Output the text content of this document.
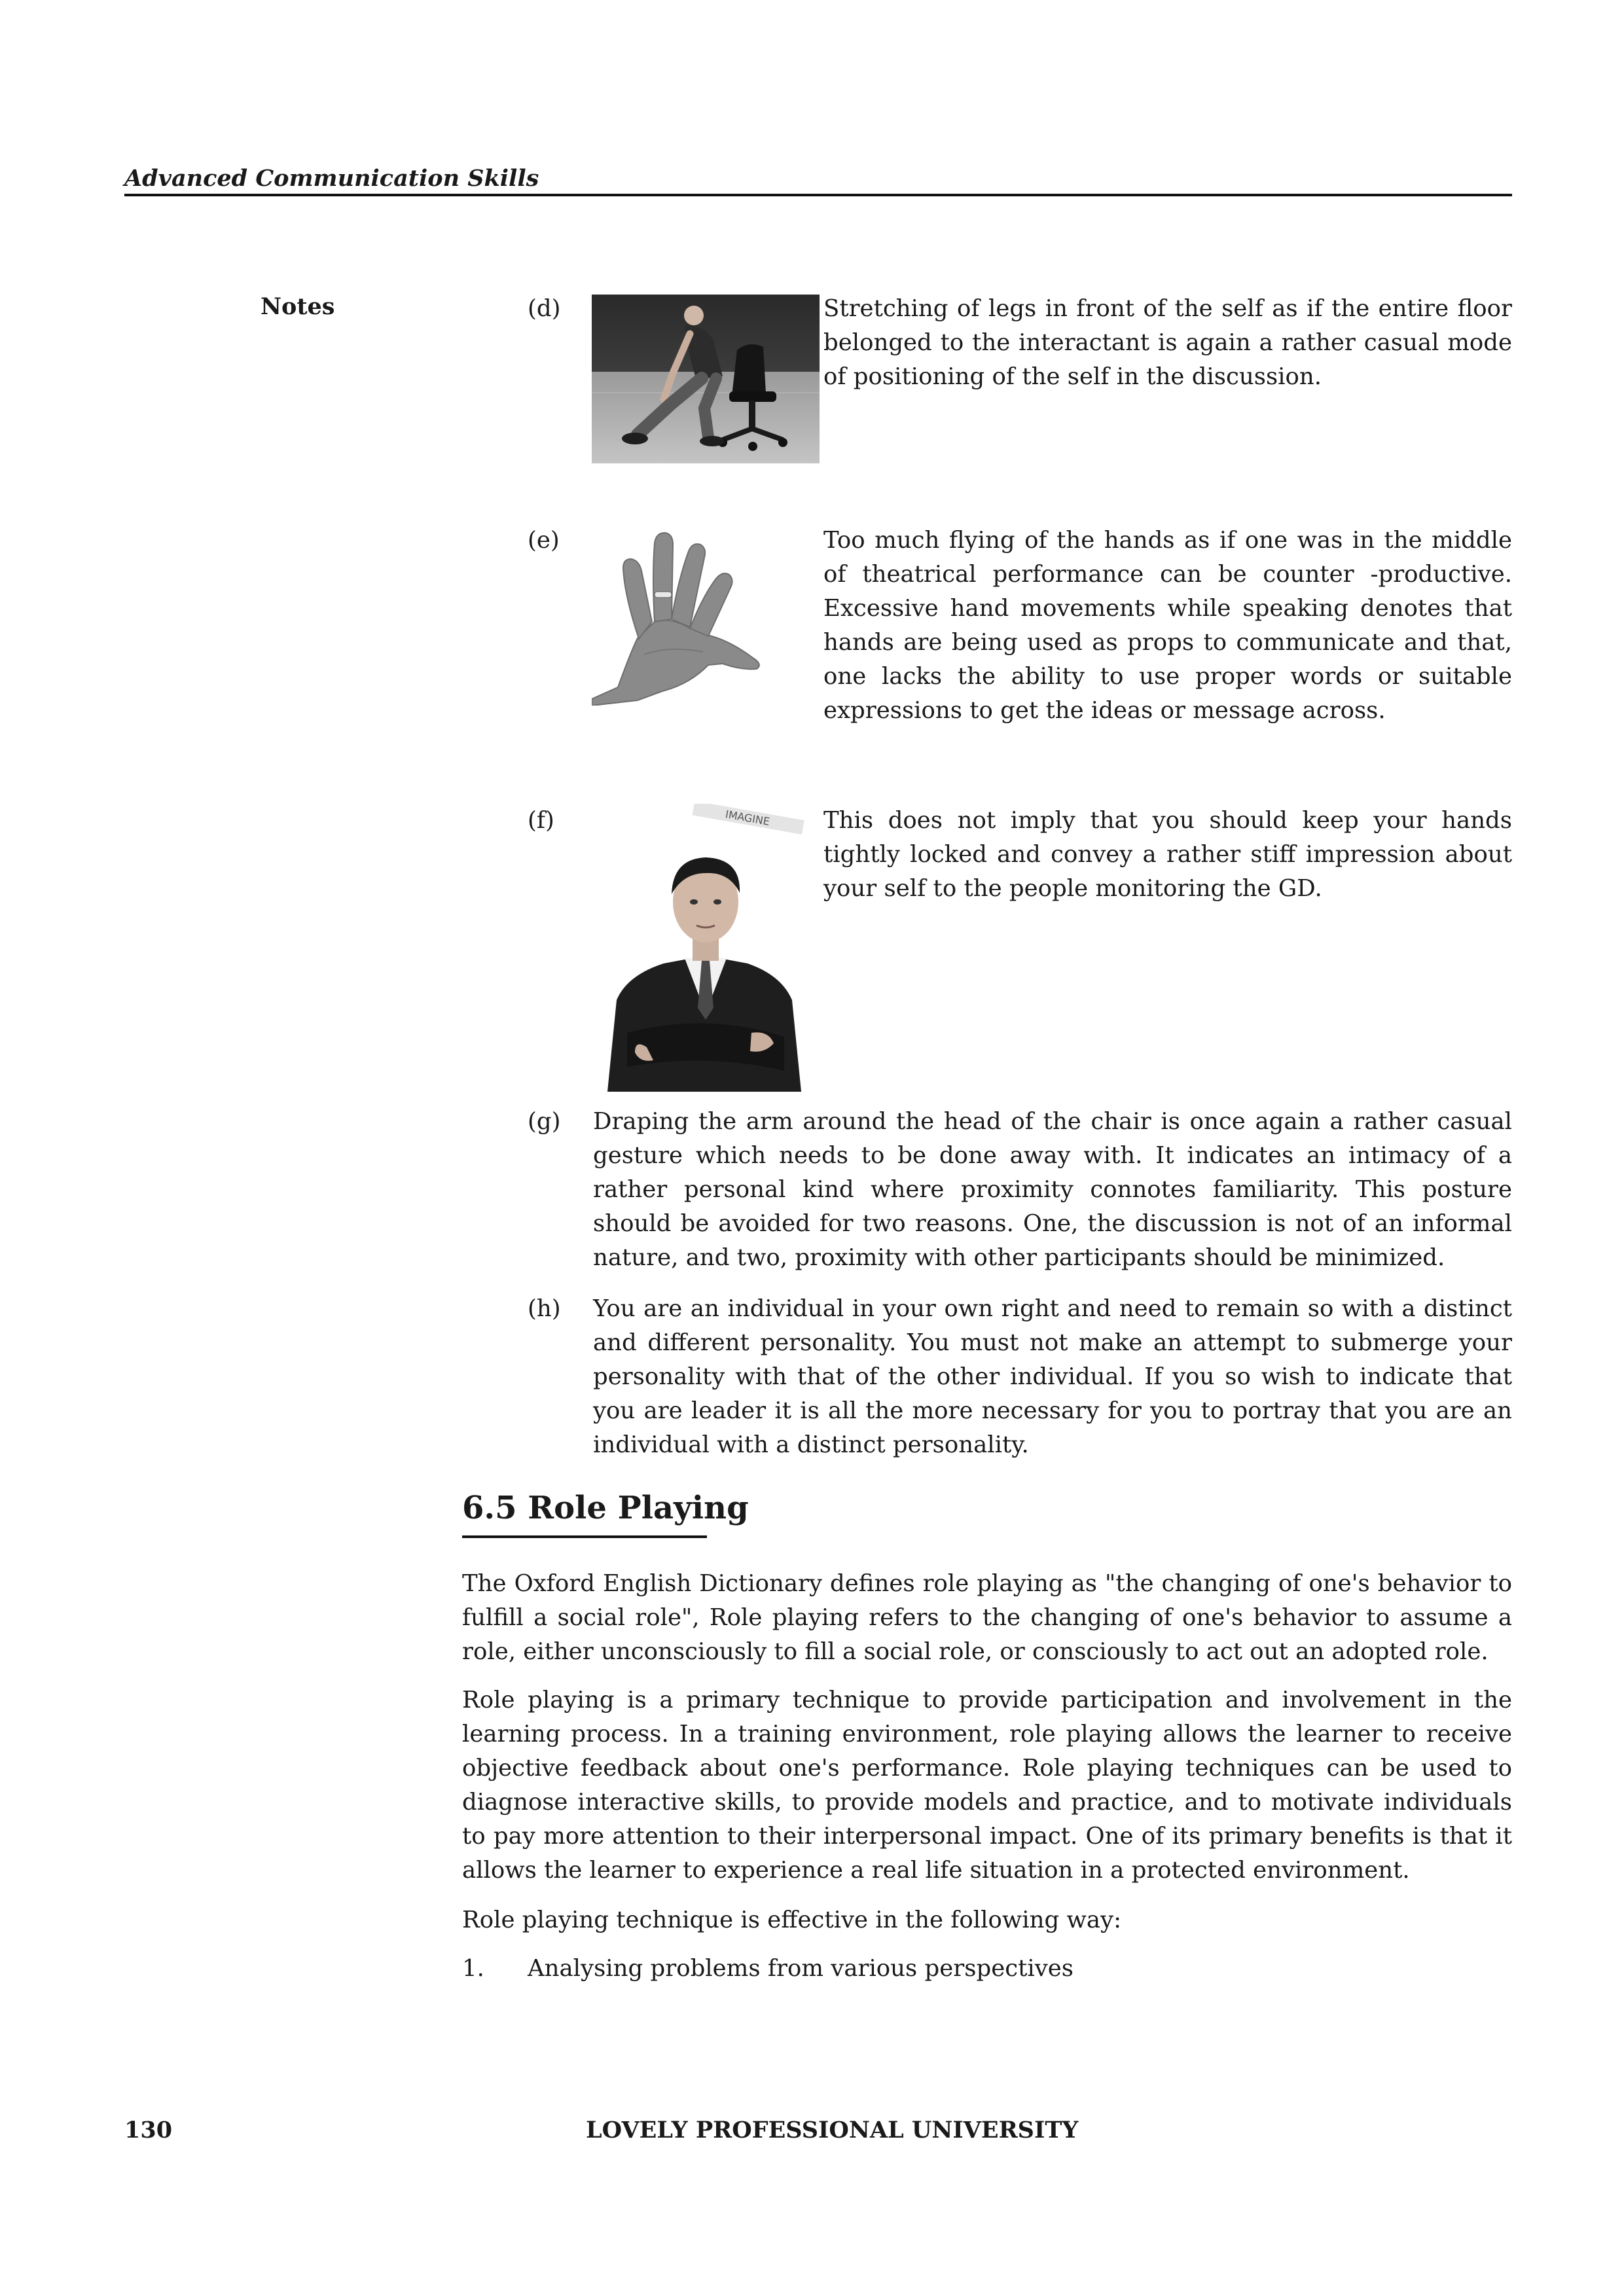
Advanced Communication Skills
Notes	(d)	Stretching of legs in front of the self as if the entire floor belonged to the interactant is again a rather casual mode of positioning of the self in the discussion.
(e)	Too much flying of the hands as if one was in the middle of theatrical performance can be counter -productive. Excessive hand movements while speaking denotes that hands are being used as props to communicate and that, one lacks the ability to use proper words or suitable expressions to get the ideas or message across.
(f)	IMAGINE This does not imply that you should keep your hands tightly locked and convey a rather stiff impression about your self to the people monitoring the GD.
(g) Draping the arm around the head of the chair is once again a rather casual gesture which needs to be done away with. It indicates an intimacy of a rather personal kind where proximity connotes familiarity. This posture should be avoided for two reasons. One, the discussion is not of an informal nature, and two, proximity with other participants should be minimized.
(h) You are an individual in your own right and need to remain so with a distinct and different personality. You must not make an attempt to submerge your personality with that of the other individual. If you so wish to indicate that you are leader it is all the more necessary for you to portray that you are an individual with a distinct personality.
6.5 Role Playing
The Oxford English Dictionary defines role playing as "the changing of one's behavior to fulfill a social role", Role playing refers to the changing of one's behavior to assume a role, either unconsciously to fill a social role, or consciously to act out an adopted role.
Role playing is a primary technique to provide participation and involvement in the learning process. In a training environment, role playing allows the learner to receive objective feedback about one's performance. Role playing techniques can be used to diagnose interactive skills, to provide models and practice, and to motivate individuals to pay more attention to their interpersonal impact. One of its primary benefits is that it allows the learner to experience a real life situation in a protected environment.
Role playing technique is effective in the following way:
1. Analysing problems from various perspectives
130	LOVELY PROFESSIONAL UNIVERSITY
